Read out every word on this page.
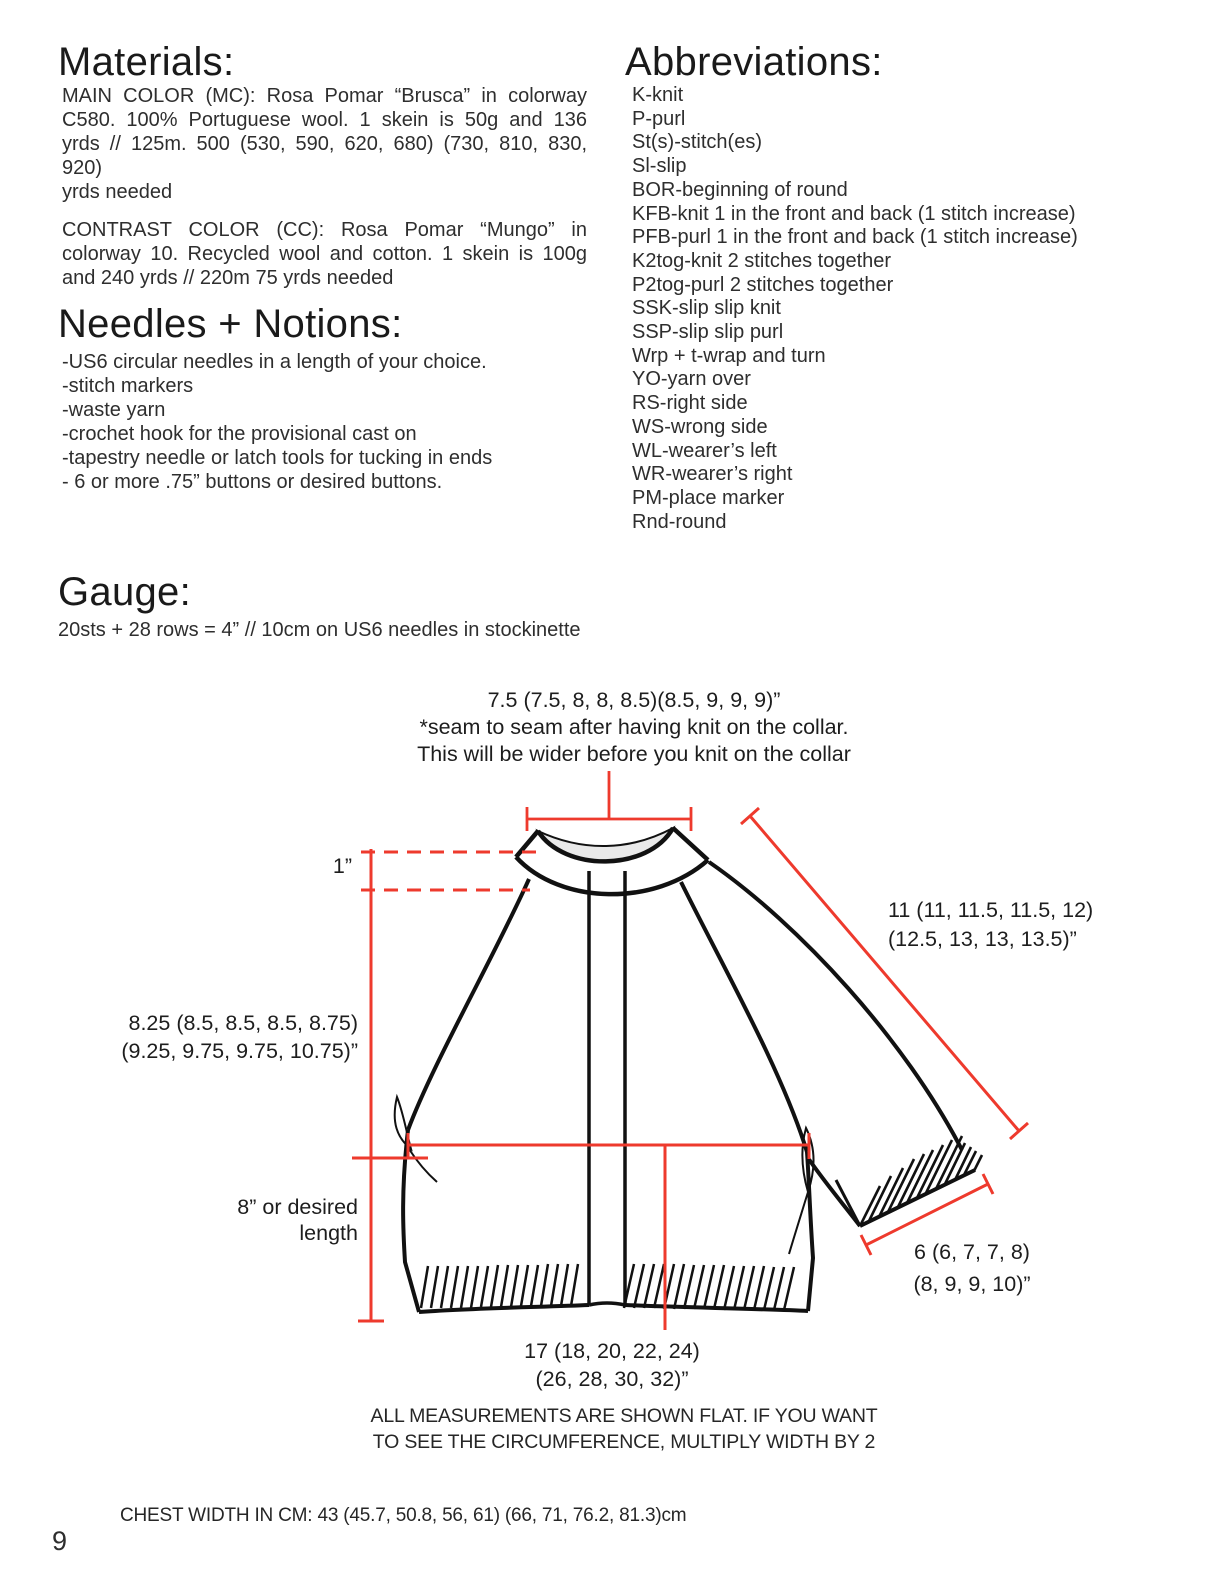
Materials:
MAIN COLOR (MC): Rosa Pomar “Brusca” in colorway
C580. 100% Portuguese wool. 1 skein is 50g and 136
yrds // 125m. 500 (530, 590, 620, 680) (730, 810, 830, 920)
yrds needed
CONTRAST COLOR (CC): Rosa Pomar “Mungo” in
colorway 10. Recycled wool and cotton. 1 skein is 100g
and 240 yrds // 220m 75 yrds needed
Needles + Notions:
-US6 circular needles in a length of your choice.
-stitch markers
-waste yarn
-crochet hook for the provisional cast on
-tapestry needle or latch tools for tucking in ends
- 6 or more .75” buttons or desired buttons.
Abbreviations:
K-knit
P-purl
St(s)-stitch(es)
Sl-slip
BOR-beginning of round
KFB-knit 1 in the front and back (1 stitch increase)
PFB-purl 1 in the front and back (1 stitch increase)
K2tog-knit 2 stitches together
P2tog-purl 2 stitches together
SSK-slip slip knit
SSP-slip slip purl
Wrp + t-wrap and turn
YO-yarn over
RS-right side
WS-wrong side
WL-wearer’s left
WR-wearer’s right
PM-place marker
Rnd-round
Gauge:
20sts + 28 rows = 4” // 10cm on US6 needles in stockinette
7.5 (7.5, 8, 8, 8.5)(8.5, 9, 9, 9)”
*seam to seam after having knit on the collar.
This will be wider before you knit on the collar
1”
8.25 (8.5, 8.5, 8.5, 8.75)
(9.25, 9.75, 9.75, 10.75)”
8” or desired
length
11 (11, 11.5, 11.5, 12)
(12.5, 13, 13, 13.5)”
6 (6, 7, 7, 8)
(8, 9, 9, 10)”
17 (18, 20, 22, 24)
(26, 28, 30, 32)”
ALL MEASUREMENTS ARE SHOWN FLAT. IF YOU WANT
TO SEE THE CIRCUMFERENCE, MULTIPLY WIDTH BY 2
CHEST WIDTH IN CM: 43 (45.7, 50.8, 56, 61) (66, 71, 76.2, 81.3)cm
9
